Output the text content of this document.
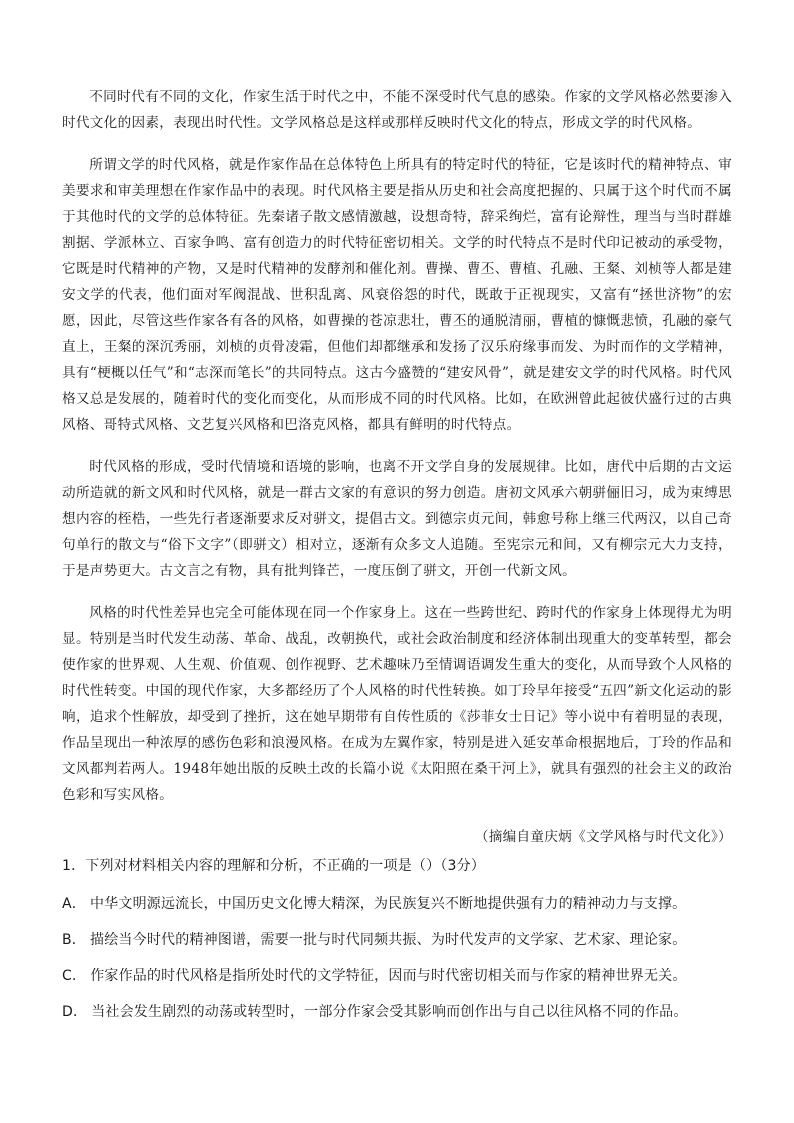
不同时代有不同的文化，作家生活于时代之中，不能不深受时代气息的感染。作家的文学风格必然要渗入时代文化的因素，表现出时代性。文学风格总是这样或那样反映时代文化的特点，形成文学的时代风格。

所谓文学的时代风格，就是作家作品在总体特色上所具有的特定时代的特征，它是该时代的精神特点、审美要求和审美理想在作家作品中的表现。时代风格主要是指从历史和社会高度把握的、只属于这个时代而不属于其他时代的文学的总体特征。先秦诸子散文感情激越，设想奇特，辞采绚烂，富有论辩性，理当与当时群雄割据、学派林立、百家争鸣、富有创造力的时代特征密切相关。文学的时代特点不是时代印记被动的承受物，它既是时代精神的产物，又是时代精神的发酵剂和催化剂。曹操、曹丕、曹植、孔融、王粲、刘桢等人都是建安文学的代表，他们面对军阀混战、世积乱离、风衰俗怨的时代，既敢于正视现实，又富有“拯世济物”的宏愿，因此，尽管这些作家各有各的风格，如曹操的苍凉悲壮，曹丕的通脱清丽，曹植的慷慨悲愤，孔融的豪气直上，王粲的深沉秀丽，刘桢的贞骨凌霜，但他们却都继承和发扬了汉乐府缘事而发、为时而作的文学精神，具有“梗概以任气”和“志深而笔长”的共同特点。这古今盛赞的“建安风骨”，就是建安文学的时代风格。时代风格又总是发展的，随着时代的变化而变化，从而形成不同的时代风格。比如，在欧洲曾此起彼伏盛行过的古典风格、哥特式风格、文艺复兴风格和巴洛克风格，都具有鲜明的时代特点。

时代风格的形成，受时代情境和语境的影响，也离不开文学自身的发展规律。比如，唐代中后期的古文运动所造就的新文风和时代风格，就是一群古文家的有意识的努力创造。唐初文风承六朝骈俪旧习，成为束缚思想内容的桎梏，一些先行者逐渐要求反对骈文，提倡古文。到德宗贞元间，韩愈号称上继三代两汉，以自己奇句单行的散文与“俗下文字”（即骈文）相对立，逐渐有众多文人追随。至宪宗元和间，又有柳宗元大力支持，于是声势更大。古文言之有物，具有批判锋芒，一度压倒了骈文，开创一代新文风。

风格的时代性差异也完全可能体现在同一个作家身上。这在一些跨世纪、跨时代的作家身上体现得尤为明显。特别是当时代发生动荡、革命、战乱，改朝换代，或社会政治制度和经济体制出现重大的变革转型，都会使作家的世界观、人生观、价值观、创作视野、艺术趣味乃至情调语调发生重大的变化，从而导致个人风格的时代性转变。中国的现代作家，大多都经历了个人风格的时代性转换。如丁玲早年接受“五四”新文化运动的影响，追求个性解放，却受到了挫折，这在她早期带有自传性质的《莎菲女士日记》等小说中有着明显的表现，作品呈现出一种浓厚的感伤色彩和浪漫风格。在成为左翼作家，特别是进入延安革命根据地后，丁玲的作品和文风都判若两人。1948年她出版的反映土改的长篇小说《太阳照在桑干河上》，就具有强烈的社会主义的政治色彩和写实风格。

（摘编自童庆炳《文学风格与时代文化》）
1．下列对材料相关内容的理解和分析，不正确的一项是（）（3分）
A． 中华文明源远流长，中国历史文化博大精深，为民族复兴不断地提供强有力的精神动力与支撑。
B． 描绘当今时代的精神图谱，需要一批与时代同频共振、为时代发声的文学家、艺术家、理论家。
C． 作家作品的时代风格是指所处时代的文学特征，因而与时代密切相关而与作家的精神世界无关。
D． 当社会发生剧烈的动荡或转型时，一部分作家会受其影响而创作出与自己以往风格不同的作品。
